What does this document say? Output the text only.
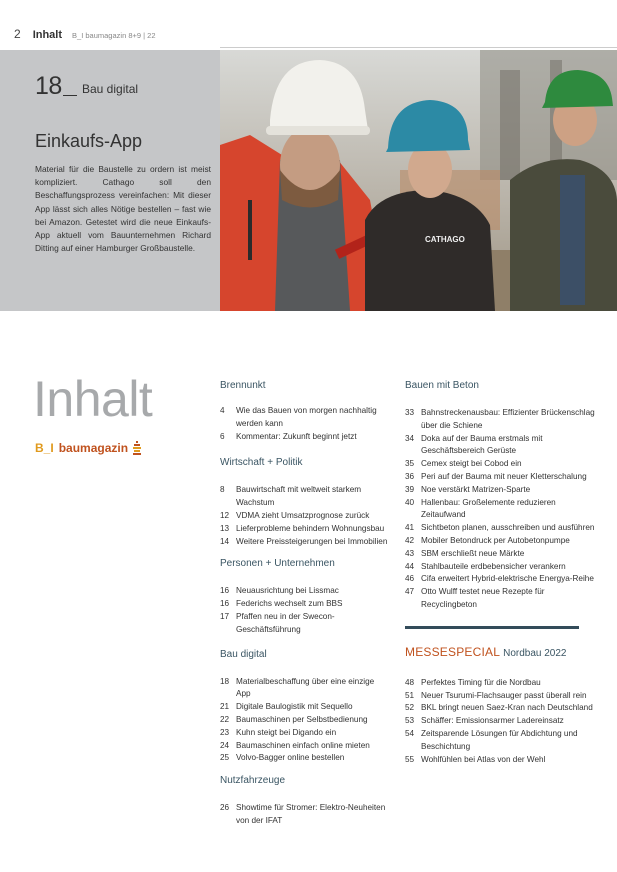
2 Inhalt B_I baumagazin 8+9 | 22
18 Bau digital
Einkaufs-App
Material für die Baustelle zu ordern ist meist kompliziert. Cathago soll den Beschaffungsprozess vereinfachen: Mit dieser App lässt sich alles Nötige bestellen – fast wie bei Amazon. Getestet wird die neue Einkaufs-App aktuell vom Bauunternehmen Richard Ditting auf einer Hamburger Großbaustelle.
CATHAGO
Inhalt
B_I baumagazin
Brennunkt
4	Wie das Bauen von morgen nachhaltig werden kann
6	Kommentar: Zukunft beginnt jetzt
Wirtschaft + Politik
8	Bauwirtschaft mit weltweit starkem Wachstum
12 VDMA zieht Umsatzprognose zurück
13 Lieferprobleme behindern Wohnungsbau
14 Weitere Preissteigerungen bei Immobilien
Personen + Unternehmen
16 Neuausrichtung bei Lissmac
16 Federichs wechselt zum BBS
17 Pfaffen neu in der Swecon-Geschäftsführung
Bau digital
18 Materialbeschaffung über eine einzige App
21 Digitale Baulogistik mit Sequello
22 Baumaschinen per Selbstbedienung
23 Kuhn steigt bei Digando ein
24 Baumaschinen einfach online mieten
25 Volvo-Bagger online bestellen
Nutzfahrzeuge
26 Showtime für Stromer: Elektro-Neuheiten von der IFAT
Bauen mit Beton
33 Bahnstreckenausbau: Effizienter Brückenschlag über die Schiene
34 Doka auf der Bauma erstmals mit Geschäftsbereich Gerüste
35 Cemex steigt bei Cobod ein
36 Peri auf der Bauma mit neuer Kletterschalung
39 Noe verstärkt Matrizen-Sparte
40 Hallenbau: Großelemente reduzieren Zeitaufwand
41 Sichtbeton planen, ausschreiben und ausführen
42 Mobiler Betondruck per Autobetonpumpe
43 SBM erschließt neue Märkte
44 Stahlbauteile erdbebensicher verankern
46 Cifa erweitert Hybrid-elektrische Energya-Reihe
47 Otto Wulff testet neue Rezepte für Recyclingbeton
MESSESPECIAL Nordbau 2022
48 Perfektes Timing für die Nordbau
51 Neuer Tsurumi-Flachsauger passt überall rein
52 BKL bringt neuen Saez-Kran nach Deutschland
53 Schäffer: Emissionsarmer Ladereinsatz
54 Zeitsparende Lösungen für Abdichtung und Beschichtung
55 Wohlfühlen bei Atlas von der Wehl
